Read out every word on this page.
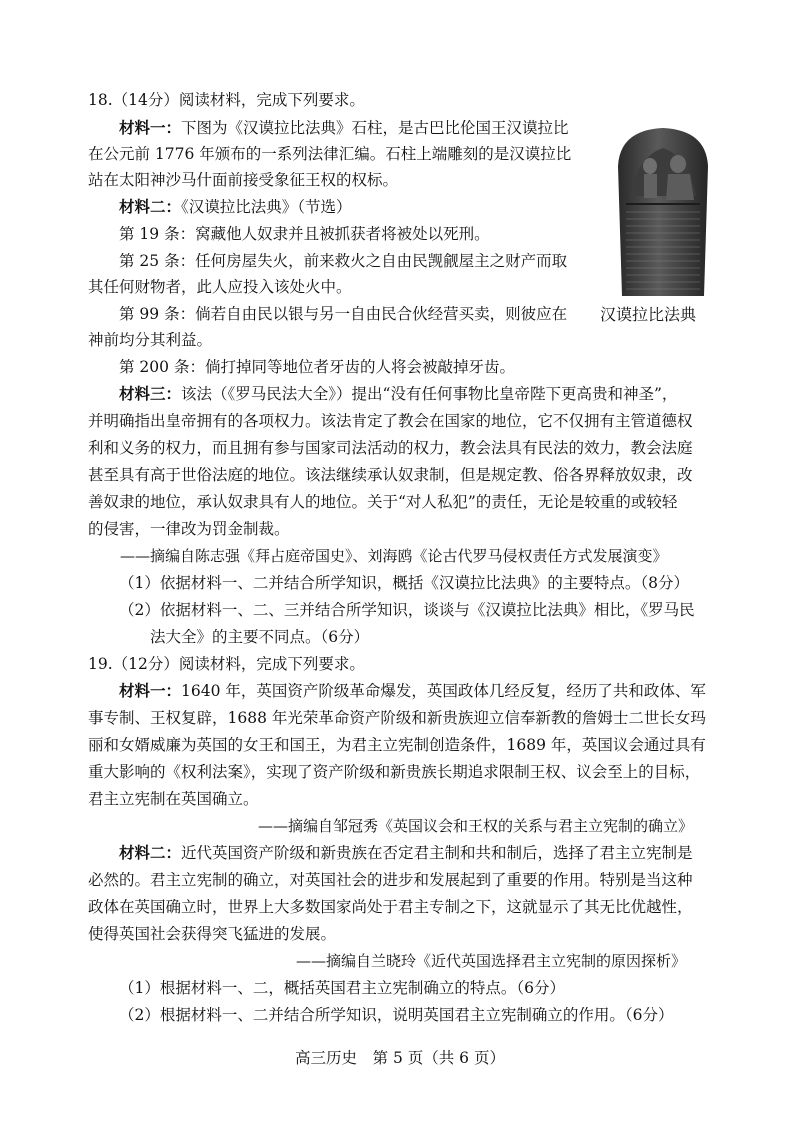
18.（14分）阅读材料，完成下列要求。
材料一：下图为《汉谟拉比法典》石柱，是古巴比伦国王汉谟拉比
在公元前 1776 年颁布的一系列法律汇编。石柱上端雕刻的是汉谟拉比
站在太阳神沙马什面前接受象征王权的权标。
材料二：《汉谟拉比法典》（节选）
第 19 条：窝藏他人奴隶并且被抓获者将被处以死刑。
第 25 条：任何房屋失火，前来救火之自由民觊觎屋主之财产而取
其任何财物者，此人应投入该处火中。
第 99 条：倘若自由民以银与另一自由民合伙经营买卖，则彼应在
神前均分其利益。
第 200 条：倘打掉同等地位者牙齿的人将会被敲掉牙齿。
材料三：该法（《罗马民法大全》）提出“没有任何事物比皇帝陛下更高贵和神圣”，
并明确指出皇帝拥有的各项权力。该法肯定了教会在国家的地位，它不仅拥有主管道德权
利和义务的权力，而且拥有参与国家司法活动的权力，教会法具有民法的效力，教会法庭
甚至具有高于世俗法庭的地位。该法继续承认奴隶制，但是规定教、俗各界释放奴隶，改
善奴隶的地位，承认奴隶具有人的地位。关于“对人私犯”的责任，无论是较重的或较轻
的侵害，一律改为罚金制裁。
——摘编自陈志强《拜占庭帝国史》、刘海鸥《论古代罗马侵权责任方式发展演变》
（1）依据材料一、二并结合所学知识，概括《汉谟拉比法典》的主要特点。（8分）
（2）依据材料一、二、三并结合所学知识，谈谈与《汉谟拉比法典》相比，《罗马民
法大全》的主要不同点。（6分）
汉谟拉比法典
19.（12分）阅读材料，完成下列要求。
材料一：1640 年，英国资产阶级革命爆发，英国政体几经反复，经历了共和政体、军
事专制、王权复辟，1688 年光荣革命资产阶级和新贵族迎立信奉新教的詹姆士二世长女玛
丽和女婿威廉为英国的女王和国王，为君主立宪制创造条件，1689 年，英国议会通过具有
重大影响的《权利法案》，实现了资产阶级和新贵族长期追求限制王权、议会至上的目标，
君主立宪制在英国确立。
——摘编自邹冠秀《英国议会和王权的关系与君主立宪制的确立》
材料二：近代英国资产阶级和新贵族在否定君主制和共和制后，选择了君主立宪制是
必然的。君主立宪制的确立，对英国社会的进步和发展起到了重要的作用。特别是当这种
政体在英国确立时，世界上大多数国家尚处于君主专制之下，这就显示了其无比优越性，
使得英国社会获得突飞猛进的发展。
——摘编自兰晓玲《近代英国选择君主立宪制的原因探析》
（1）根据材料一、二，概括英国君主立宪制确立的特点。（6分）
（2）根据材料一、二并结合所学知识，说明英国君主立宪制确立的作用。（6分）
高三历史　第 5 页（共 6 页）
